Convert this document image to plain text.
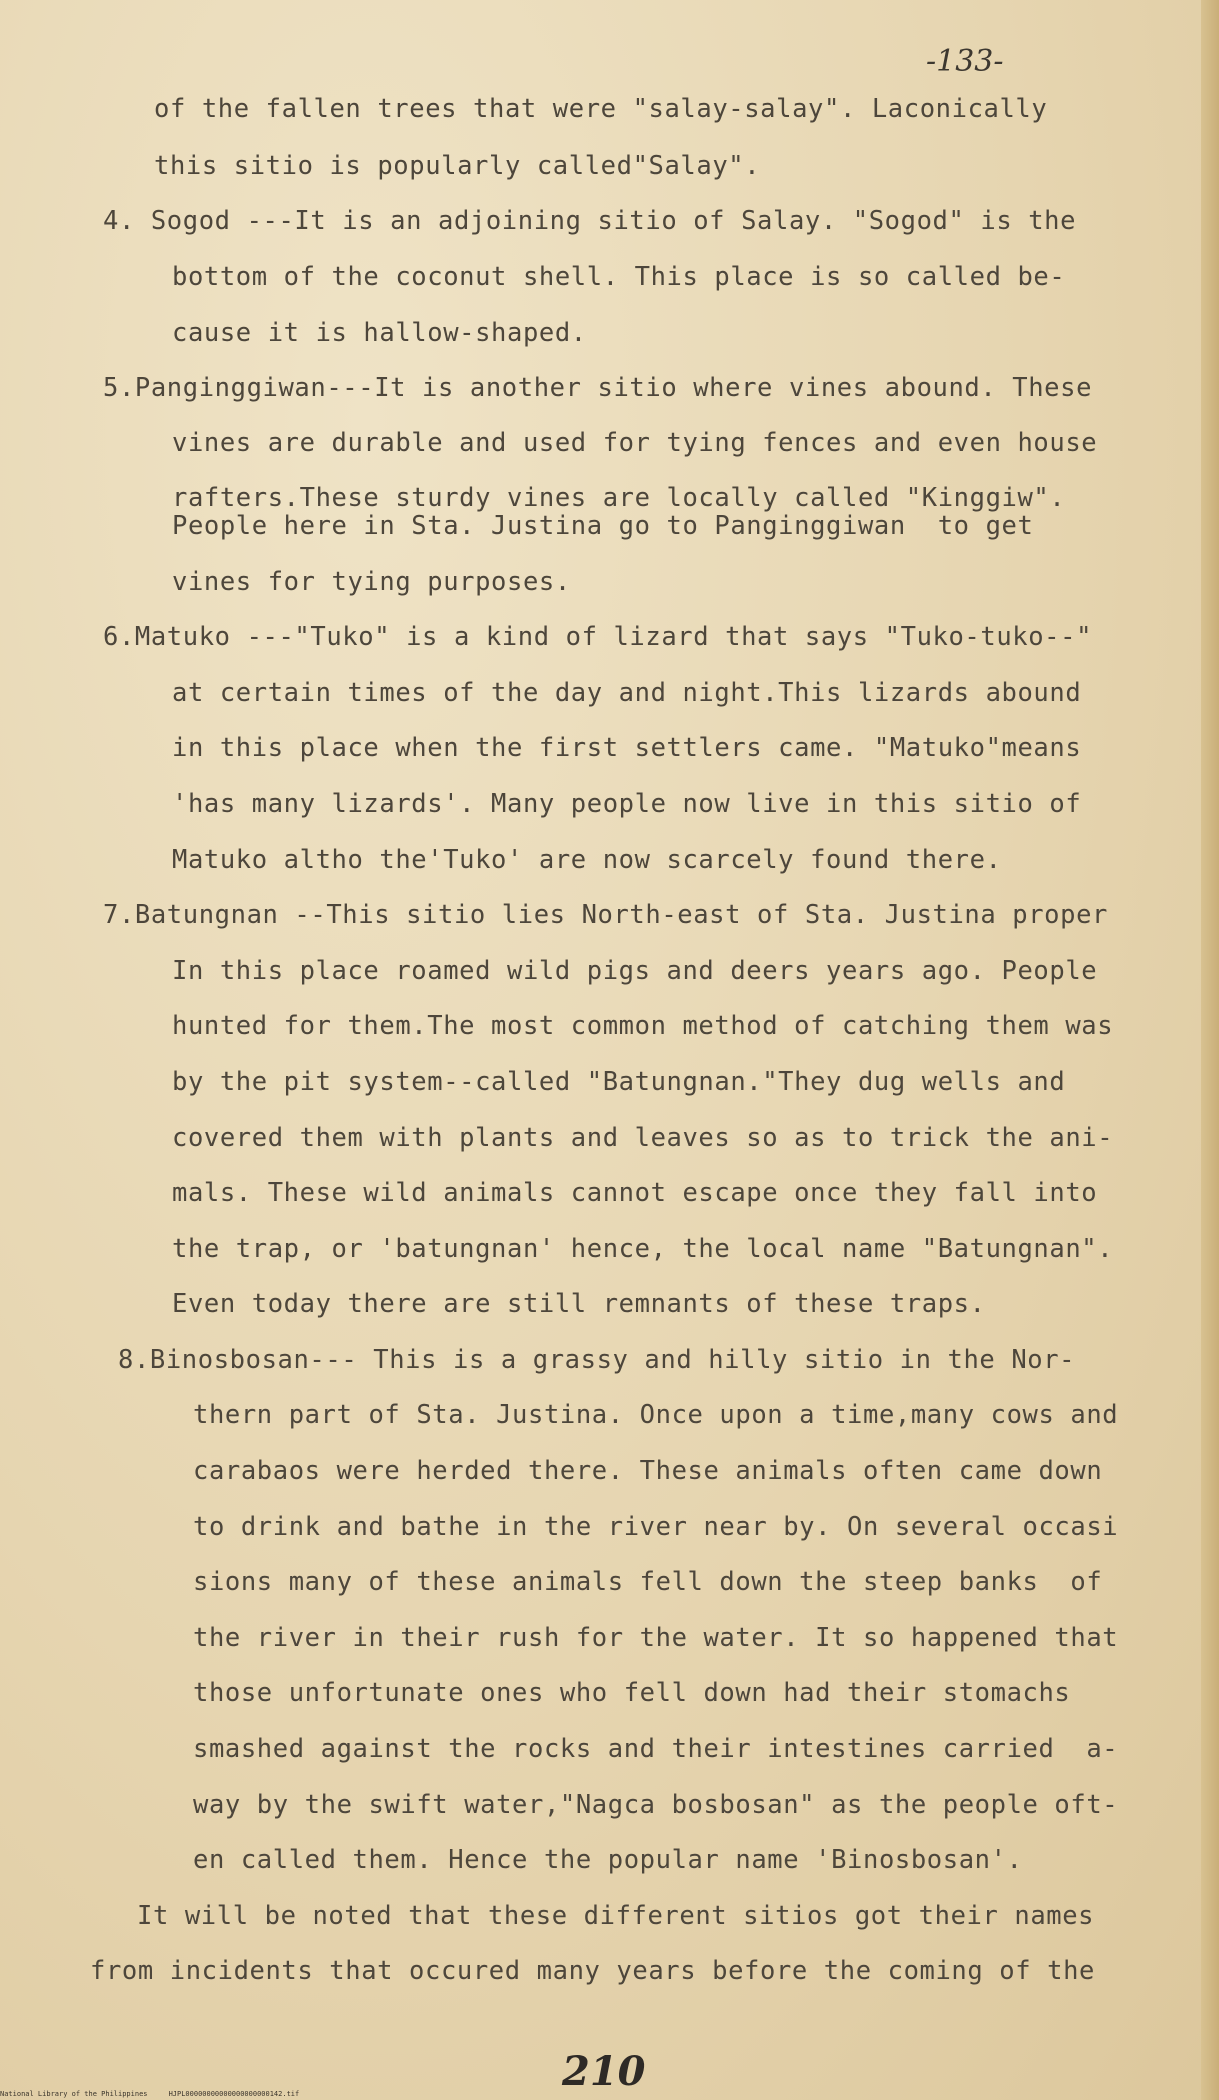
-133-
of the fallen trees that were "salay-salay". Laconically
this sitio is popularly called"Salay".
4. Sogod ---It is an adjoining sitio of Salay. "Sogod" is the
bottom of the coconut shell. This place is so called be-
cause it is hallow-shaped.
5.Panginggiwan---It is another sitio where vines abound. These
vines are durable and used for tying fences and even house
rafters.These sturdy vines are locally called "Kinggiw".
People here in Sta. Justina go to Panginggiwan  to get
vines for tying purposes.
6.Matuko ---"Tuko" is a kind of lizard that says "Tuko-tuko--"
at certain times of the day and night.This lizards abound
in this place when the first settlers came. "Matuko"means
'has many lizards'. Many people now live in this sitio of
Matuko altho the'Tuko' are now scarcely found there.
7.Batungnan --This sitio lies North-east of Sta. Justina proper
In this place roamed wild pigs and deers years ago. People
hunted for them.The most common method of catching them was
by the pit system--called "Batungnan."They dug wells and
covered them with plants and leaves so as to trick the ani-
mals. These wild animals cannot escape once they fall into
the trap, or 'batungnan' hence, the local name "Batungnan".
Even today there are still remnants of these traps.
8.Binosbosan--- This is a grassy and hilly sitio in the Nor-
thern part of Sta. Justina. Once upon a time,many cows and
carabaos were herded there. These animals often came down
to drink and bathe in the river near by. On several occasi
sions many of these animals fell down the steep banks  of
the river in their rush for the water. It so happened that
those unfortunate ones who fell down had their stomachs
smashed against the rocks and their intestines carried  a-
way by the swift water,"Nagca bosbosan" as the people oft-
en called them. Hence the popular name 'Binosbosan'.
It will be noted that these different sitios got their names
from incidents that occured many years before the coming of the
210
National Library of the Philippines     HJPL00000000000000000000142.tif
